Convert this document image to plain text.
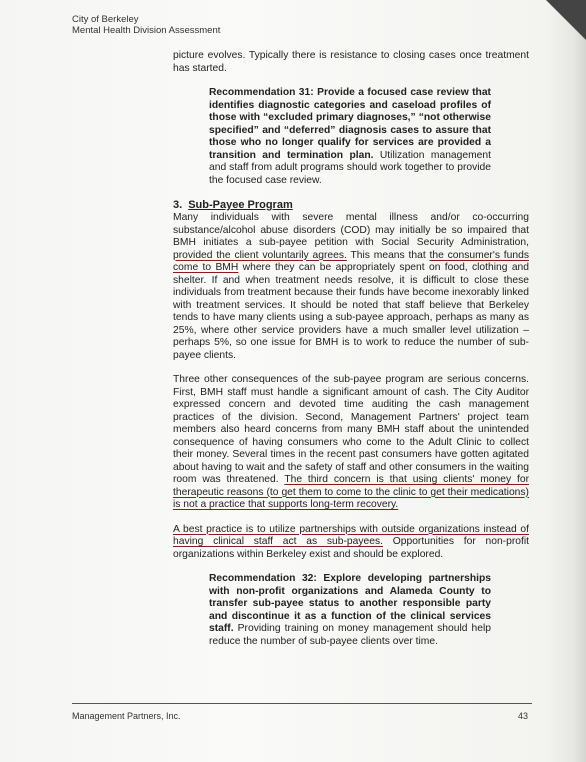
City of Berkeley
Mental Health Division Assessment

picture evolves. Typically there is resistance to closing cases once treatment has started.

Recommendation 31: Provide a focused case review that identifies diagnostic categories and caseload profiles of those with “excluded primary diagnoses,” “not otherwise specified” and “deferred” diagnosis cases to assure that those who no longer qualify for services are provided a transition and termination plan. Utilization management and staff from adult programs should work together to provide the focused case review.
3. Sub-Payee Program

Many individuals with severe mental illness and/or co-occurring substance/alcohol abuse disorders (COD) may initially be so impaired that BMH initiates a sub-payee petition with Social Security Administration, provided the client voluntarily agrees. This means that the consumer's funds come to BMH where they can be appropriately spent on food, clothing and shelter. If and when treatment needs resolve, it is difficult to close these individuals from treatment because their funds have become inexorably linked with treatment services. It should be noted that staff believe that Berkeley tends to have many clients using a sub-payee approach, perhaps as many as 25%, where other service providers have a much smaller level utilization – perhaps 5%, so one issue for BMH is to work to reduce the number of sub-payee clients.

Three other consequences of the sub-payee program are serious concerns. First, BMH staff must handle a significant amount of cash. The City Auditor expressed concern and devoted time auditing the cash management practices of the division. Second, Management Partners' project team members also heard concerns from many BMH staff about the unintended consequence of having consumers who come to the Adult Clinic to collect their money. Several times in the recent past consumers have gotten agitated about having to wait and the safety of staff and other consumers in the waiting room was threatened. The third concern is that using clients' money for therapeutic reasons (to get them to come to the clinic to get their medications) is not a practice that supports long-term recovery.

A best practice is to utilize partnerships with outside organizations instead of having clinical staff act as sub-payees. Opportunities for non-profit organizations within Berkeley exist and should be explored.

Recommendation 32: Explore developing partnerships with non-profit organizations and Alameda County to transfer sub-payee status to another responsible party and discontinue it as a function of the clinical services staff. Providing training on money management should help reduce the number of sub-payee clients over time.
Management Partners, Inc.	43
